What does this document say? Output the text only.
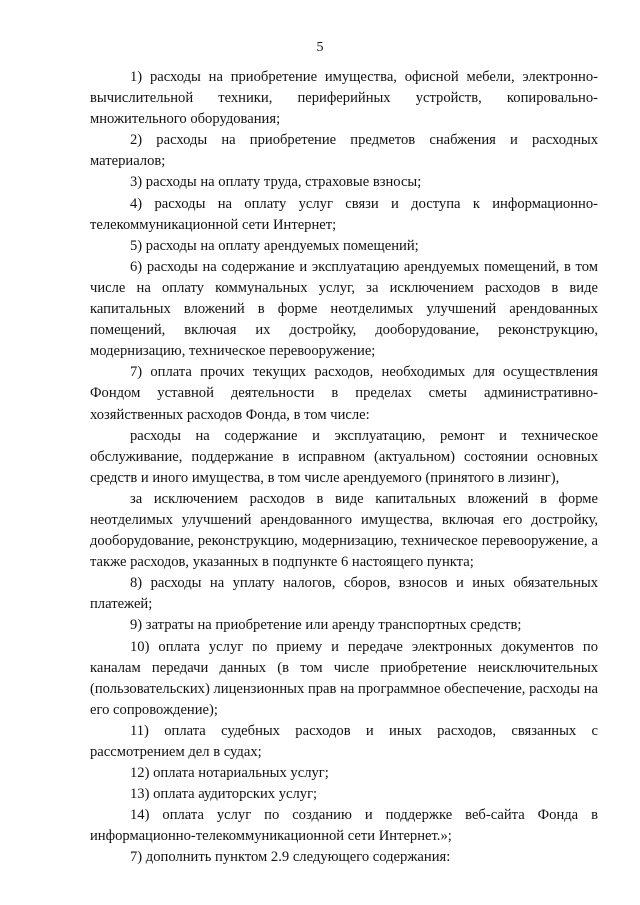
5

1) расходы на приобретение имущества, офисной мебели, электронно-вычислительной техники, периферийных устройств, копировально-множительного оборудования;

2) расходы на приобретение предметов снабжения и расходных материалов;

3) расходы на оплату труда, страховые взносы;

4) расходы на оплату услуг связи и доступа к информационно-телекоммуникационной сети Интернет;

5) расходы на оплату арендуемых помещений;

6) расходы на содержание и эксплуатацию арендуемых помещений, в том числе на оплату коммунальных услуг, за исключением расходов в виде капитальных вложений в форме неотделимых улучшений арендованных помещений, включая их достройку, дооборудование, реконструкцию, модернизацию, техническое перевооружение;

7) оплата прочих текущих расходов, необходимых для осуществления Фондом уставной деятельности в пределах сметы административно-хозяйственных расходов Фонда, в том числе:

расходы на содержание и эксплуатацию, ремонт и техническое обслуживание, поддержание в исправном (актуальном) состоянии основных средств и иного имущества, в том числе арендуемого (принятого в лизинг),

за исключением расходов в виде капитальных вложений в форме неотделимых улучшений арендованного имущества, включая его достройку, дооборудование, реконструкцию, модернизацию, техническое перевооружение, а также расходов, указанных в подпункте 6 настоящего пункта;

8) расходы на уплату налогов, сборов, взносов и иных обязательных платежей;

9) затраты на приобретение или аренду транспортных средств;

10) оплата услуг по приему и передаче электронных документов по каналам передачи данных (в том числе приобретение неисключительных (пользовательских) лицензионных прав на программное обеспечение, расходы на его сопровождение);

11) оплата судебных расходов и иных расходов, связанных с рассмотрением дел в судах;

12) оплата нотариальных услуг;

13) оплата аудиторских услуг;

14) оплата услуг по созданию и поддержке веб-сайта Фонда в информационно-телекоммуникационной сети Интернет.»;

7) дополнить пунктом 2.9 следующего содержания:
